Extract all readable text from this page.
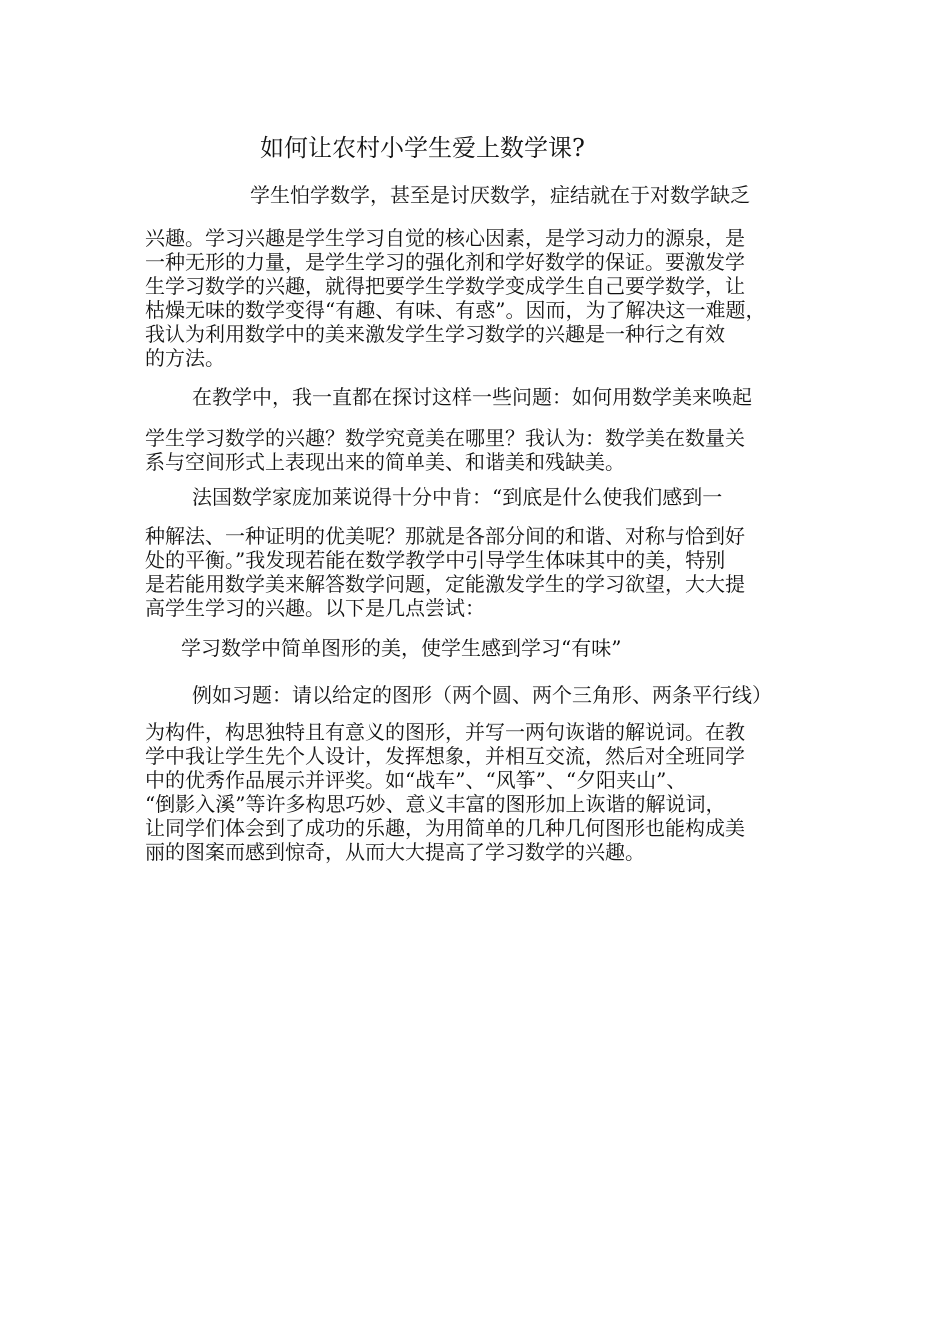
如何让农村小学生爱上数学课?
学生怕学数学，甚至是讨厌数学，症结就在于对数学缺乏
兴趣。学习兴趣是学生学习自觉的核心因素，是学习动力的源泉，是
一种无形的力量，是学生学习的强化剂和学好数学的保证。要激发学
生学习数学的兴趣，就得把要学生学数学变成学生自己要学数学，让
枯燥无味的数学变得“有趣、有味、有惑”。因而，为了解决这一难题，
我认为利用数学中的美来激发学生学习数学的兴趣是一种行之有效
的方法。
在教学中，我一直都在探讨这样一些问题：如何用数学美来唤起
学生学习数学的兴趣？数学究竟美在哪里？我认为：数学美在数量关
系与空间形式上表现出来的简单美、和谐美和残缺美。
法国数学家庞加莱说得十分中肯：“到底是什么使我们感到一
种解法、一种证明的优美呢？那就是各部分间的和谐、对称与恰到好
处的平衡。”我发现若能在数学教学中引导学生体味其中的美，特别
是若能用数学美来解答数学问题，定能激发学生的学习欲望，大大提
高学生学习的兴趣。以下是几点尝试：
学习数学中简单图形的美，使学生感到学习“有味”
例如习题：请以给定的图形（两个圆、两个三角形、两条平行线）
为构件，构思独特且有意义的图形，并写一两句诙谐的解说词。在教
学中我让学生先个人设计，发挥想象，并相互交流，然后对全班同学
中的优秀作品展示并评奖。如“战车”、“风筝”、“夕阳夹山”、
“倒影入溪”等许多构思巧妙、意义丰富的图形加上诙谐的解说词，
让同学们体会到了成功的乐趣，为用简单的几种几何图形也能构成美
丽的图案而感到惊奇，从而大大提高了学习数学的兴趣。
